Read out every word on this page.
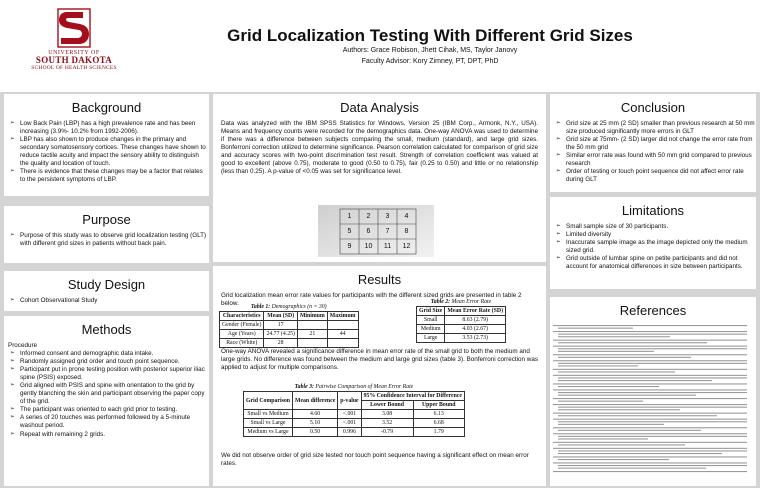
UNIVERSITY OF
SOUTH DAKOTA
SCHOOL OF HEALTH SCIENCES
Grid Localization Testing With Different Grid Sizes
Authors: Grace Robison, Jhett Cihak, MS, Taylor Janovy
Faculty Advisor: Kory Zimney, PT, DPT, PhD
Background
➢ Low Back Pain (LBP) has a high prevalence rate and has been increasing (3.9%- 10.2% from 1992-2006).
➢ LBP has also shown to produce changes in the primary and secondary somatosensory cortices. These changes have shown to reduce tactile acuity and impact the sensory ability to distinguish the quality and location of touch.
➢ There is evidence that these changes may be a factor that relates to the persistent symptoms of LBP.
Purpose
➢ Purpose of this study was to observe grid localization testing (GLT) with different grid sizes in patients without back pain.
Study Design
➢ Cohort Observational Study
Methods

Procedure

➢ Informed consent and demographic data intake.
➢ Randomly assigned grid order and touch point sequence.
➢ Participant put in prone testing position with posterior superior iliac spine (PSIS) exposed.
➢ Grid aligned with PSIS and spine with orientation to the grid by gently blanching the skin and participant observing the paper copy of the grid.
➢ The participant was oriented to each grid prior to testing.
➢ A series of 20 touches was performed followed by a 5-minute washout period.
➢ Repeat with remaining 2 grids.
Data Analysis

Data was analyzed with the IBM SPSS Statistics for Windows, Version 25 (IBM Corp., Armonk, N.Y., USA). Means and frequency counts were recorded for the demographics data. One-way ANOVA was used to determine if there was a difference between subjects comparing the small, medium (standard), and large grid sizes. Bonferroni correction utilized to determine significance. Pearson correlation calculated for comparison of grid size and accuracy scores with two-point discrimination test result. Strength of correlation coefficient was valued at good to excellent (above 0.75), moderate to good (0.50 to 0.75), fair (0.25 to 0.50) and little or no relationship (less than 0.25). A p-value of <0.05 was set for significance level.

1	2	3	4
5	6	7	8
9	10	11	12
Results

Grid localization mean error rate values for participants with the different sized grids are presented in table 2 below.	Table 1: Demographics (n = 30)
Characteristics	Mean (SD)	Minimum	Maximum
Gender (Female)	17		
Age (Years)	24.77 (4.25)	21	44
Race (White)	28		
Table 2: Mean Error Rate
Grid Size	Mean Error Rate (SD)
Small	8.63 (2.79)
Medium	4.03 (2.67)
Large	3.53 (2.73)

One-way ANOVA revealed a significance difference in mean error rate of the small grid to both the medium and large grids. No difference was found between the medium and large grid sizes (table 3). Bonferroni correction was applied to adjust for multiple comparisons.

Table 3: Pairwise Comparison of Mean Error Rate
Grid Comparison	Mean difference	p-value	95% Confidence Interval for Difference	
			Lower Bound	Upper Bound
Small vs Medium	4.60	<.001	3.08	6.13
Small vs Large	5.10	<.001	3.52	6.68
Medium vs Large	0.50	0.996	-0.79	1.79

We did not observe order of grid size tested nor touch point sequence having a significant effect on mean error rates.

Conclusion
➢ Grid size at 25 mm (2 SD) smaller than previous research at 50 mm size produced significantly more errors in GLT
➢ Grid size at 75mm- (2 SD) larger did not change the error rate from the 50 mm grid
➢ Similar error rate was found with 50 mm grid compared to previous research
➢ Order of testing or touch point sequence did not affect error rate during GLT
Limitations
➢ Small sample size of 30 participants.
➢ Limited diversity
➢ Inaccurate sample image as the image depicted only the medium sized grid.
➢ Grid outside of lumbar spine on petite participants and did not account for anatomical differences in size between participants.
References
